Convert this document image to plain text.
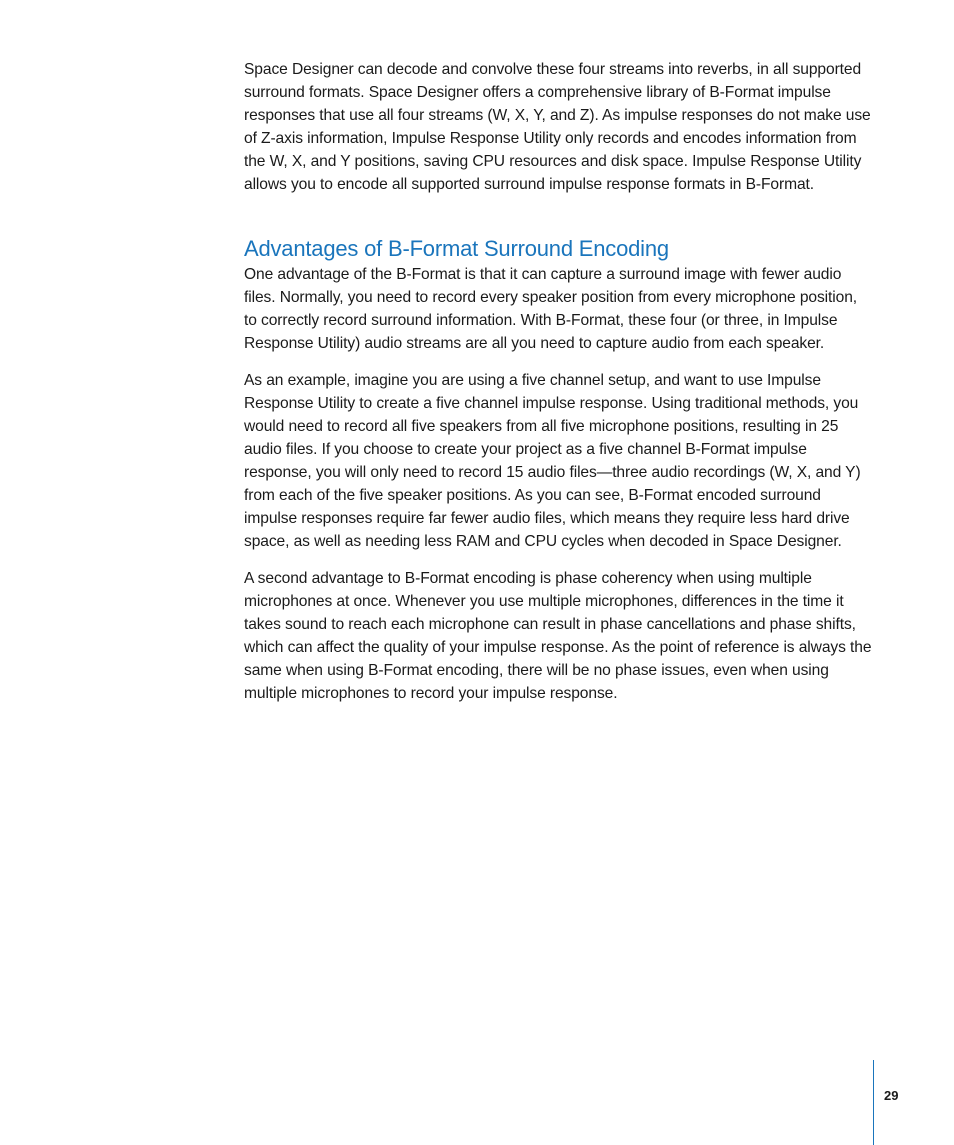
Space Designer can decode and convolve these four streams into reverbs, in all supported surround formats. Space Designer offers a comprehensive library of B-Format impulse responses that use all four streams (W, X, Y, and Z). As impulse responses do not make use of Z-axis information, Impulse Response Utility only records and encodes information from the W, X, and Y positions, saving CPU resources and disk space. Impulse Response Utility allows you to encode all supported surround impulse response formats in B-Format.

Advantages of B-Format Surround Encoding

One advantage of the B-Format is that it can capture a surround image with fewer audio files. Normally, you need to record every speaker position from every microphone position, to correctly record surround information. With B-Format, these four (or three, in Impulse Response Utility) audio streams are all you need to capture audio from each speaker.

As an example, imagine you are using a five channel setup, and want to use Impulse Response Utility to create a five channel impulse response. Using traditional methods, you would need to record all five speakers from all five microphone positions, resulting in 25 audio files. If you choose to create your project as a five channel B-Format impulse response, you will only need to record 15 audio files—three audio recordings (W, X, and Y) from each of the five speaker positions. As you can see, B-Format encoded surround impulse responses require far fewer audio files, which means they require less hard drive space, as well as needing less RAM and CPU cycles when decoded in Space Designer.

A second advantage to B-Format encoding is phase coherency when using multiple microphones at once. Whenever you use multiple microphones, differences in the time it takes sound to reach each microphone can result in phase cancellations and phase shifts, which can affect the quality of your impulse response. As the point of reference is always the same when using B-Format encoding, there will be no phase issues, even when using multiple microphones to record your impulse response.

29
